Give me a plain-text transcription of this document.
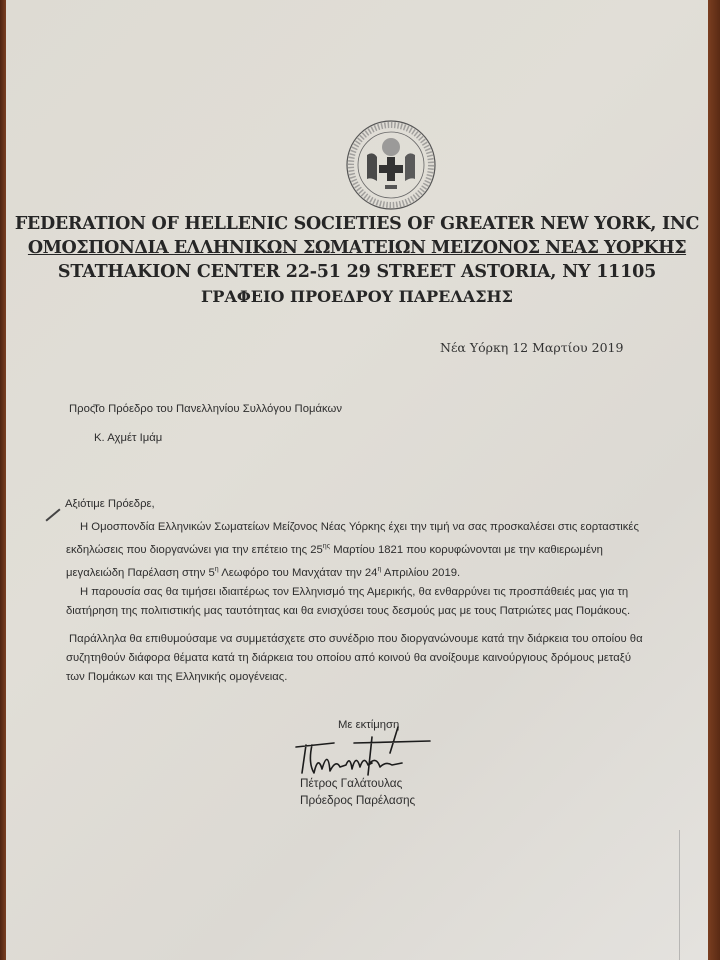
FEDERATION OF HELLENIC SOCIETIES OF GREATER NEW YORK, INC
ΟΜΟΣΠΟΝΔΙΑ ΕΛΛΗΝΙΚΩΝ ΣΩΜΑΤΕΙΩΝ ΜΕΙΖΟΝΟΣ ΝΕΑΣ ΥΟΡΚΗΣ
STATHAKION CENTER 22-51 29 STREET ASTORIA, NY 11105
ΓΡΑΦΕΙΟ ΠΡΟΕΔΡΟΥ ΠΑΡΕΛΑΣΗΣ
Νέα Υόρκη 12 Μαρτίου 2019
Προς:
Το Πρόεδρο του Πανελληνίου Συλλόγου Πομάκων
Κ. Αχμέτ Ιμάμ
Αξιότιμε Πρόεδρε,
Η Ομοσπονδία Ελληνικών Σωματείων Μείζονος Νέας Υόρκης έχει την τιμή να σας προσκαλέσει στις εορταστικές
εκδηλώσεις που διοργανώνει για την επέτειο της $25^{\eta\varsigma}$ Μαρτίου 1821 που κορυφώνονται με την καθιερωμένη
μεγαλειώδη Παρέλαση στην $5^\eta$ Λεωφόρο του Μανχάταν την $24^\eta$ Απριλίου 2019.
Η παρουσία σας θα τιμήσει ιδιαιτέρως τον Ελληνισμό της Αμερικής, θα ενθαρρύνει τις προσπάθειές μας για τη
διατήρηση της πολιτιστικής μας ταυτότητας και θα ενισχύσει τους δεσμούς μας με τους Πατριώτες μας Πομάκους.
Παράλληλα θα επιθυμούσαμε να συμμετάσχετε στο συνέδριο που διοργανώνουμε κατά την διάρκεια του οποίου θα
συζητηθούν διάφορα θέματα κατά τη διάρκεια του οποίου από κοινού θα ανοίξουμε καινούργιους δρόμους μεταξύ
των Πομάκων και της Ελληνικής ομογένειας.
Με εκτίμηση
Πέτρος Γαλάτουλας
Πρόεδρος Παρέλασης
